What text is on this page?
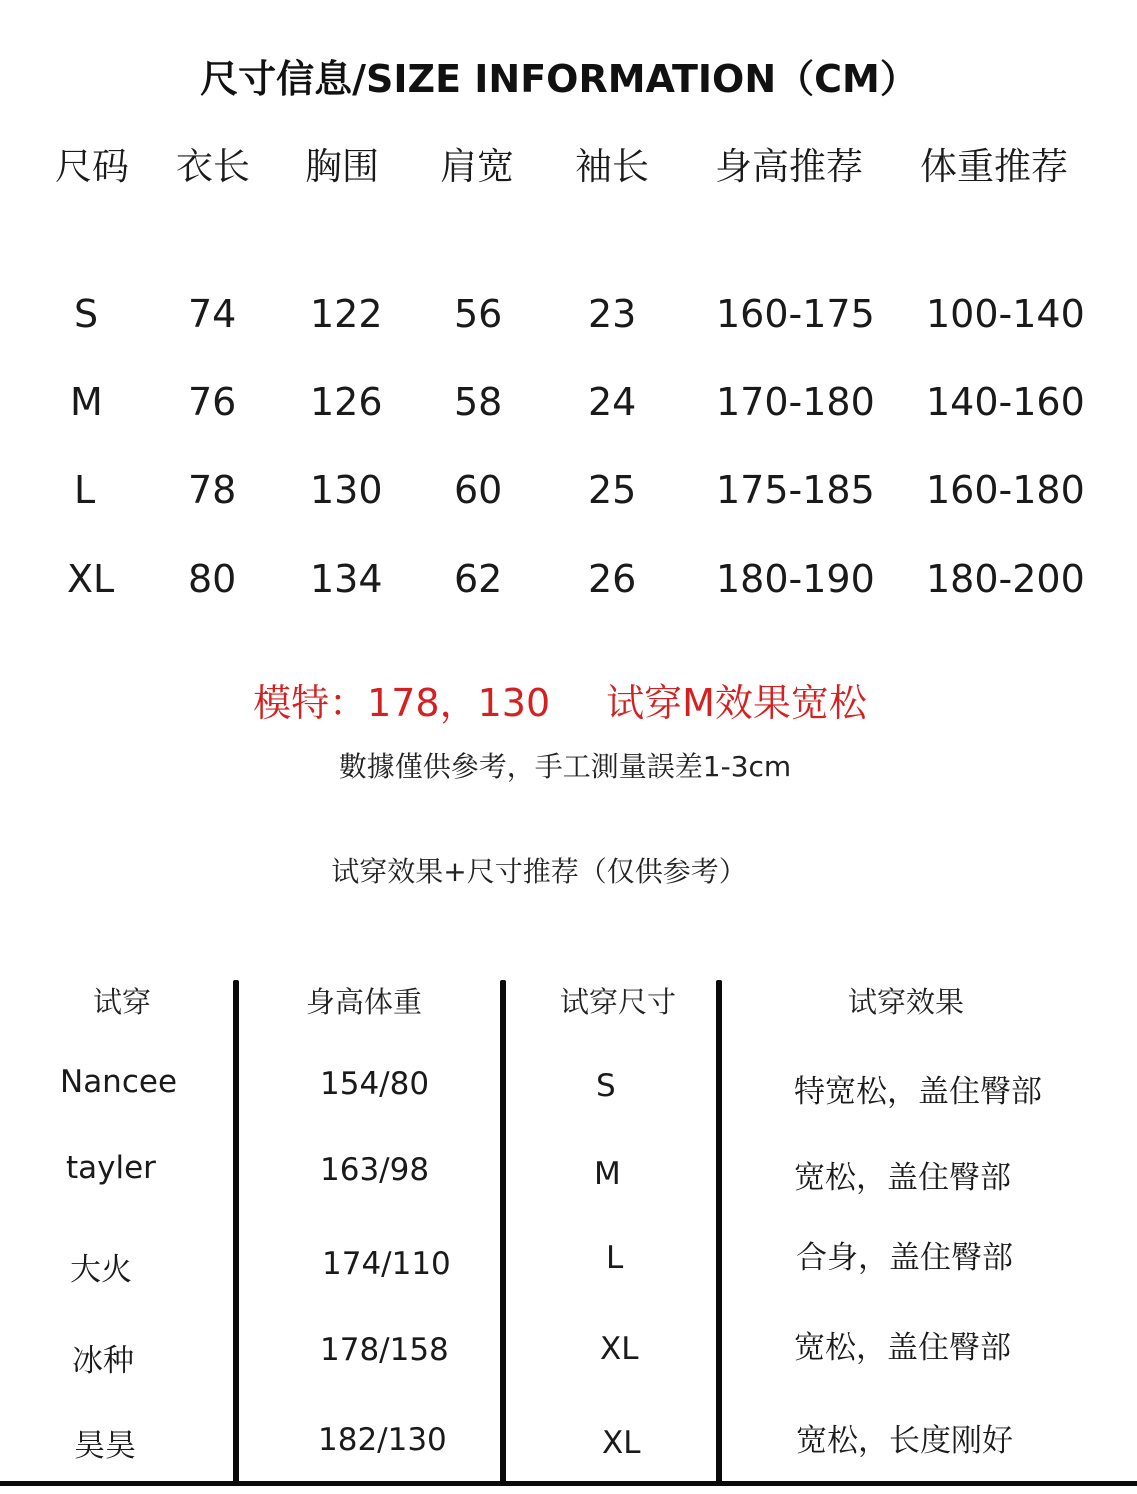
尺寸信息/SIZE INFORMATION（CM）
尺码 衣长 胸围 肩宽 袖长 身高推荐 体重推荐
S 74 122 56 23 160-175 100-140
M 76 126 58 24 170-180 140-160
L 78 130 60 25 175-185 160-180
XL 80 134 62 26 180-190 180-200
模特：178，130 试穿M效果宽松
數據僅供參考，手工測量誤差1-3cm
试穿效果+尺寸推荐（仅供参考）
试穿	身高体重	试穿尺寸	试穿效果
Nancee	154/80	S	特宽松，盖住臀部
tayler	163/98	M	宽松，盖住臀部
大火	174/110	L	合身，盖住臀部
冰种	178/158	XL	宽松，盖住臀部
昊昊	182/130	XL	宽松，长度刚好
